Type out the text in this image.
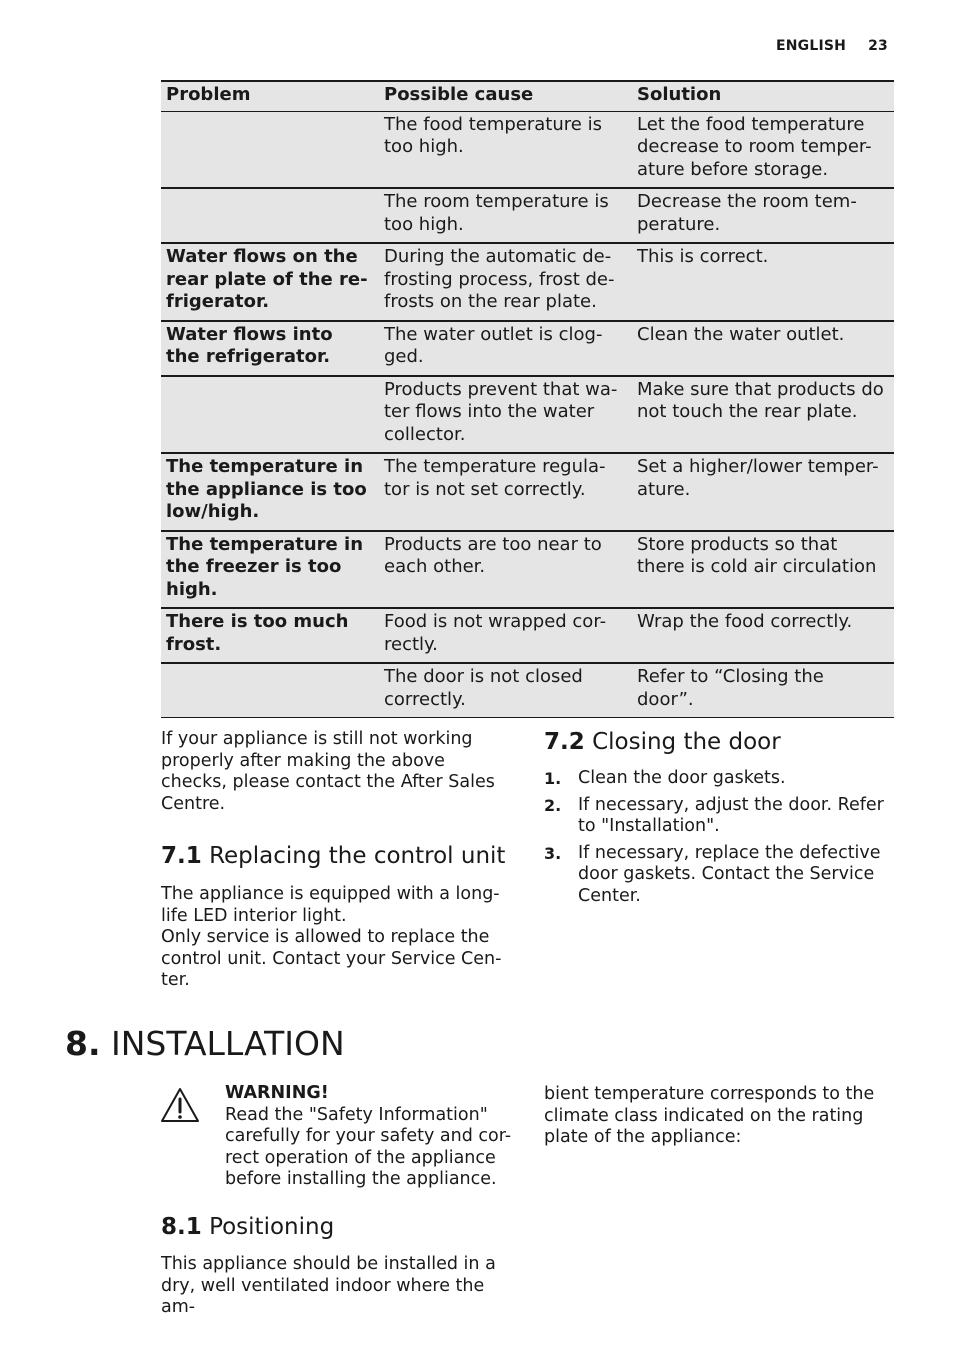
ENGLISH 23
Problem	Possible cause	Solution
	The food temperature is too high.	Let the food temperature decrease to room temper-ature before storage.
	The room temperature is too high.	Decrease the room tem-perature.
Water flows on the rear plate of the re-frigerator.	During the automatic de-frosting process, frost de-frosts on the rear plate.	This is correct.
Water flows into the refrigerator.	The water outlet is clog-ged.	Clean the water outlet.
	Products prevent that wa-ter flows into the water collector.	Make sure that products do not touch the rear plate.
The temperature in the appliance is too low/high.	The temperature regula-tor is not set correctly.	Set a higher/lower temper-ature.
The temperature in the freezer is too high.	Products are too near to each other.	Store products so that there is cold air circulation
There is too much frost.	Food is not wrapped cor-rectly.	Wrap the food correctly.
	The door is not closed correctly.	Refer to “Closing the door”.

If your appliance is still not working properly after making the above checks, please contact the After Sales Centre.

7.1 Replacing the control unit

The appliance is equipped with a long-life LED interior light.

Only service is allowed to replace the control unit. Contact your Service Cen-ter.

7.2 Closing the door
1. Clean the door gaskets.
2. If necessary, adjust the door. Refer to "Installation".
3. If necessary, replace the defective door gaskets. Contact the Service Center.
8. INSTALLATION
WARNING!

Read the "Safety Information" carefully for your safety and cor-rect operation of the appliance before installing the appliance.

8.1 Positioning

This appliance should be installed in a dry, well ventilated indoor where the am-

bient temperature corresponds to the climate class indicated on the rating plate of the appliance:
